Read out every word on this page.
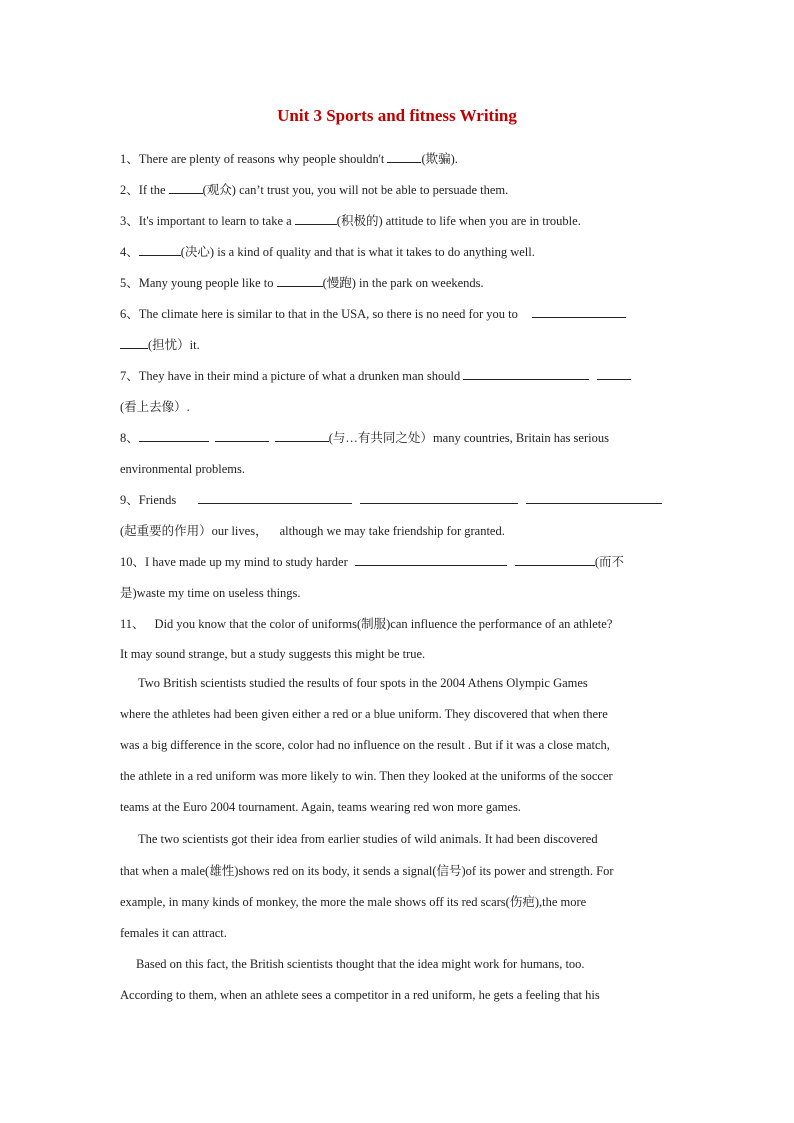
Unit 3 Sports and fitness Writing
1、There are plenty of reasons why people shouldn't	(欺骗).
2、If the	(观众) can’t trust you, you will not be able to persuade them.
3、It's important to learn to take a	(积极的) attitude to life when you are in trouble.
4、	(决心) is a kind of quality and that is what it takes to do anything well.
5、Many young people like to	(慢跑) in the park on weekends.
6、The climate here is similar to that in the USA, so there is no need for you to
(担忧）it.
7、They have in their mind a picture of what a drunken man should
(看上去像）.
8、	(与…有共同之处）many countries, Britain has serious
environmental problems.
9、Friends
(起重要的作用）our lives， although we may take friendship for granted.
10、I have made up my mind to study harder	(而不
是)waste my time on useless things.
11、 Did you know that the color of uniforms(制服)can influence the performance of an athlete?
It may sound strange, but a study suggests this might be true.
Two British scientists studied the results of four spots in the 2004 Athens Olympic Games
where the athletes had been given either a red or a blue uniform. They discovered that when there
was a big difference in the score, color had no influence on the result . But if it was a close match,
the athlete in a red uniform was more likely to win. Then they looked at the uniforms of the soccer
teams at the Euro 2004 tournament. Again, teams wearing red won more games.
The two scientists got their idea from earlier studies of wild animals. It had been discovered
that when a male(雄性)shows red on its body, it sends a signal(信号)of its power and strength. For
example, in many kinds of monkey, the more the male shows off its red scars(伤疤),the more
females it can attract.
Based on this fact, the British scientists thought that the idea might work for humans, too.
According to them, when an athlete sees a competitor in a red uniform, he gets a feeling that his
